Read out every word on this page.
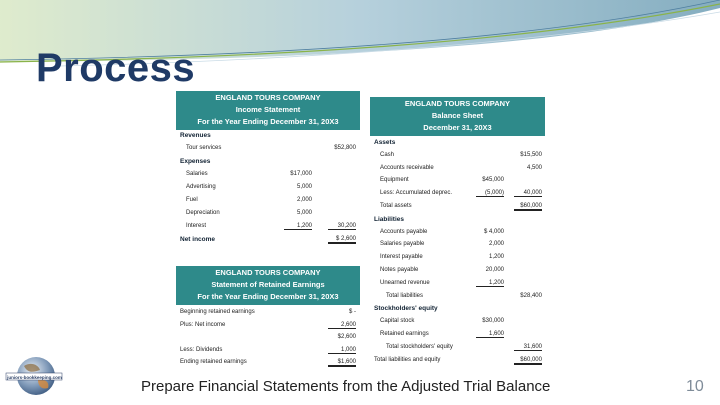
Process
ENGLAND TOURS COMPANY
Income Statement
For the Year Ending December 31, 20X3
Revenues
Tour services	$52,800
Expenses
Salaries	$17,000
Advertising	5,000
Fuel	2,000
Depreciation	5,000
Interest	1,200	30,200
Net income	$ 2,600
ENGLAND TOURS COMPANY
Statement of Retained Earnings
For the Year Ending December 31, 20X3
Beginning retained earnings	$ -
Plus: Net income	2,600
$2,600
Less: Dividends	1,000
Ending retained earnings	$1,600
ENGLAND TOURS COMPANY
Balance Sheet
December 31, 20X3
Assets
Cash	$15,500
Accounts receivable	4,500
Equipment	$45,000
Less: Accumulated deprec.	(5,000)	40,000
Total assets	$60,000
Liabilities
Accounts payable	$ 4,000
Salaries payable	2,000
Interest payable	1,200
Notes payable	20,000
Unearned revenue	1,200
Total liabilities	$28,400
Stockholders' equity
Capital stock	$30,000
Retained earnings	1,600
Total stockholders' equity	31,600
Total liabilities and equity	$60,000
juniors-bookkeeping.com
Prepare Financial Statements from the Adjusted Trial Balance	10
